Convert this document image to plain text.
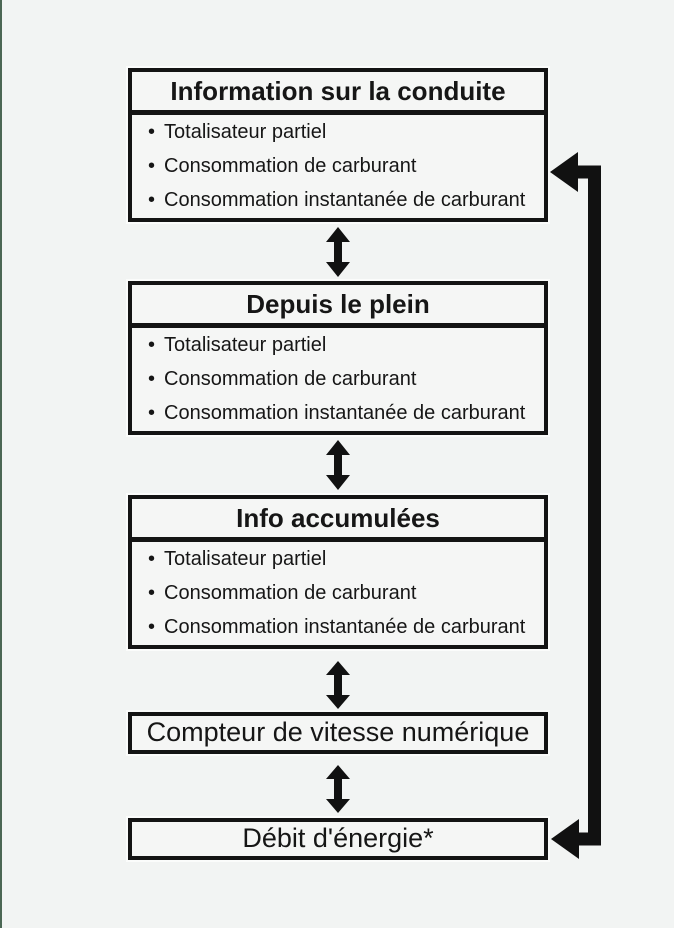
Information sur la conduite
• Totalisateur partiel
• Consommation de carburant
• Consommation instantanée de carburant
Depuis le plein
• Totalisateur partiel
• Consommation de carburant
• Consommation instantanée de carburant
Info accumulées
• Totalisateur partiel
• Consommation de carburant
• Consommation instantanée de carburant
Compteur de vitesse numérique
Débit d'énergie*
